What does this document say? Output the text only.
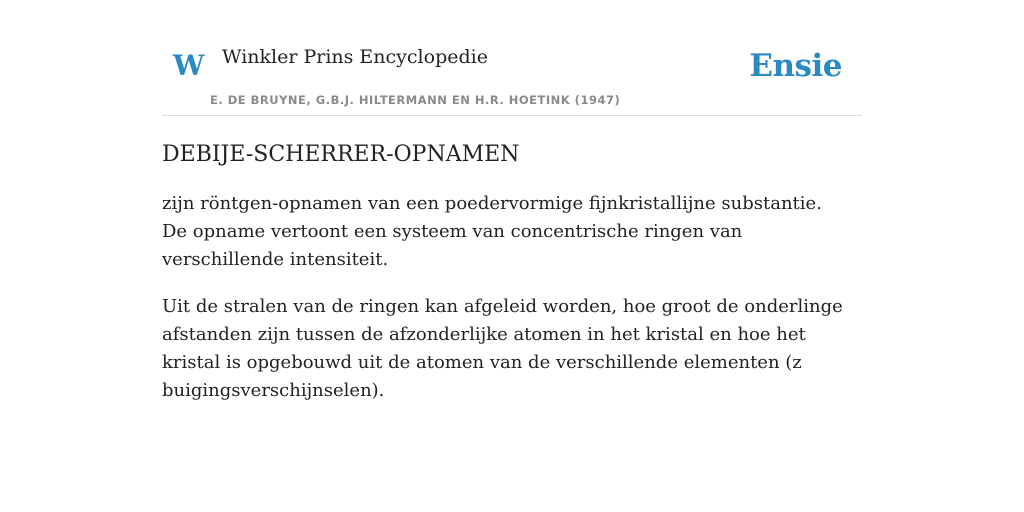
W Winkler Prins Encyclopedie
E. DE BRUYNE, G.B.J. HILTERMANN EN H.R. HOETINK (1947)
Ensie
DEBIJE-SCHERRER-OPNAMEN

zijn röntgen-opnamen van een poedervormige fijnkristallijne substantie. De opname vertoont een systeem van concentrische ringen van verschillende intensiteit.

Uit de stralen van de ringen kan afgeleid worden, hoe groot de onderlinge afstanden zijn tussen de afzonderlijke atomen in het kristal en hoe het kristal is opgebouwd uit de atomen van de verschillende elementen (z buigingsverschijnselen).
